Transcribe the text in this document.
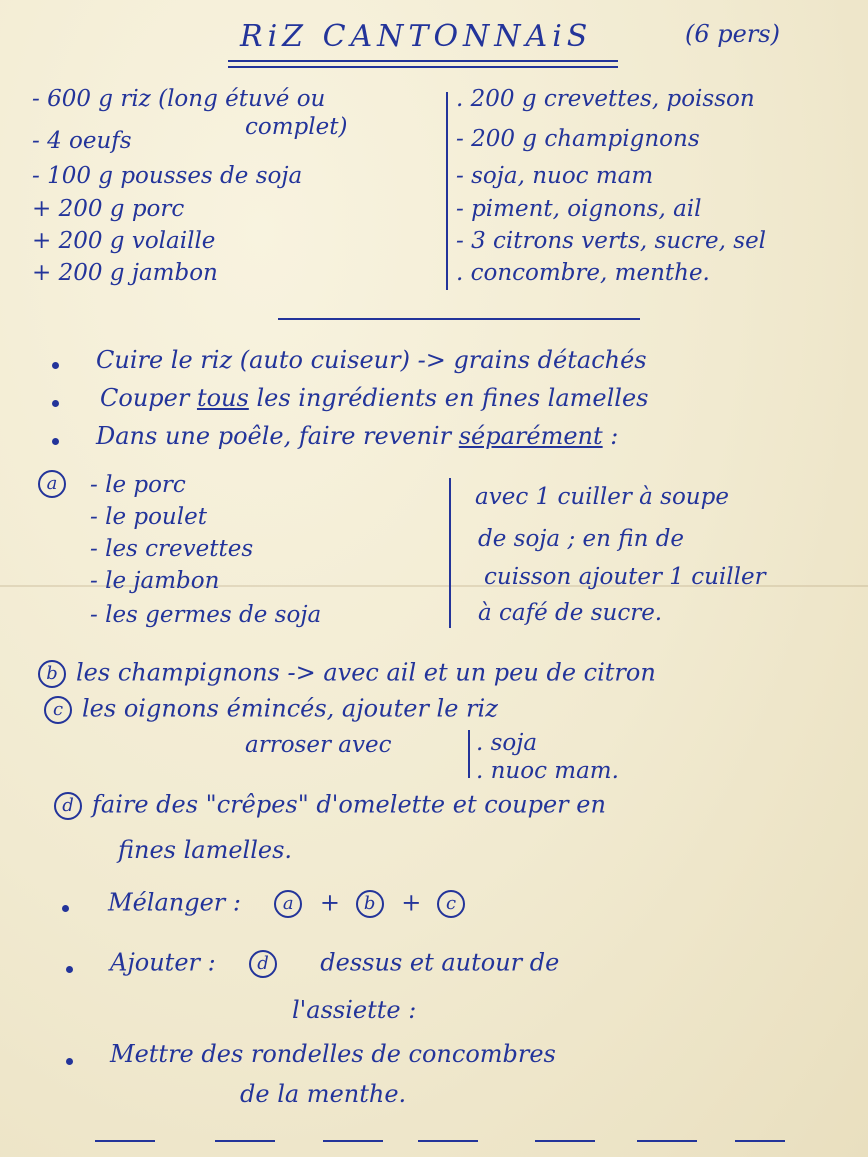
RiZ CANTONNAiS	(6 pers)
- 600 g riz (long étuvé ou
complet)
- 4 oeufs
- 100 g pousses de soja
+ 200 g porc
+ 200 g volaille
+ 200 g jambon
. 200 g crevettes, poisson
- 200 g champignons
- soja, nuoc mam
- piment, oignons, ail
- 3 citrons verts, sucre, sel
. concombre, menthe.
Cuire le riz (auto cuiseur) -> grains détachés
Couper tous les ingrédients en fines lamelles
Dans une poêle, faire revenir séparément :
a	- le porc
- le poulet
- les crevettes
- le jambon
- les germes de soja
avec 1 cuiller à soupe
de soja ; en fin de
cuisson ajouter 1 cuiller
à café de sucre.
b les champignons -> avec ail et un peu de citron
c les oignons émincés, ajouter le riz
arroser avec	. soja
. nuoc mam.
d faire des "crêpes" d'omelette et couper en
fines lamelles.
Mélanger : a + b + c
Ajouter : d dessus et autour de
l'assiette :
Mettre des rondelles de concombres
de la menthe.
